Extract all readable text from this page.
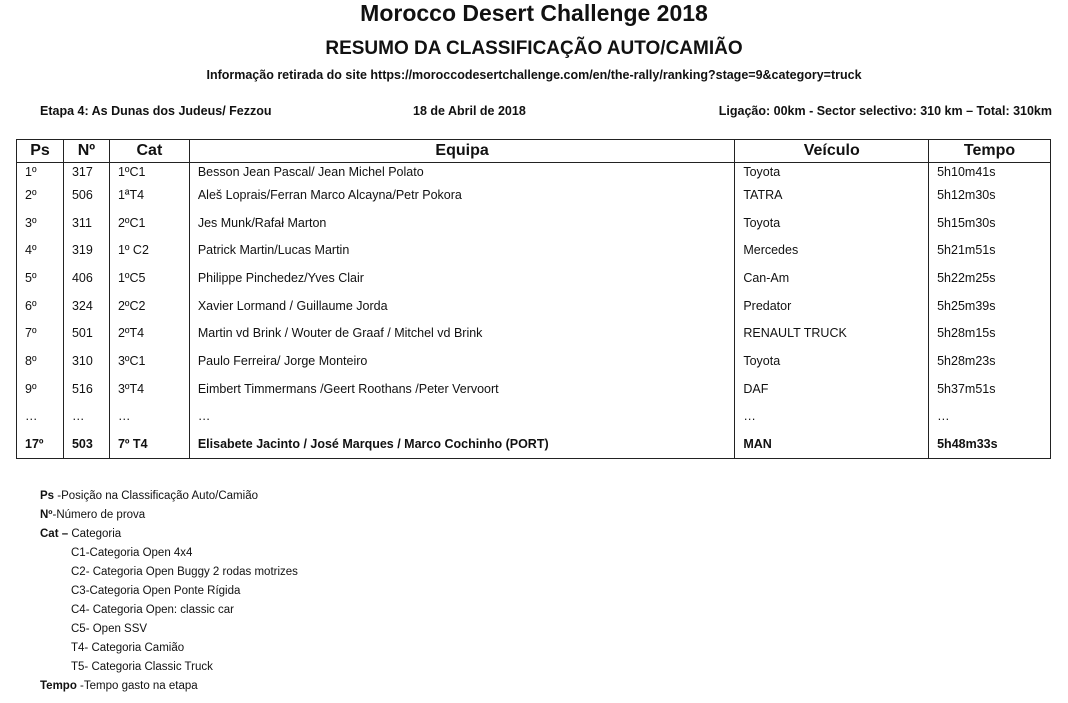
Morocco Desert Challenge 2018
RESUMO DA CLASSIFICAÇÃO AUTO/CAMIÃO
Informação retirada do site https://moroccodesertchallenge.com/en/the-rally/ranking?stage=9&category=truck
Etapa 4: As Dunas dos Judeus/ Fezzou	18 de Abril de 2018	Ligação: 00km - Sector selectivo: 310 km – Total: 310km
Ps	Nº	Cat	Equipa	Veículo	Tempo
1º	317	1ºC1	Besson Jean Pascal/ Jean Michel Polato	Toyota	5h10m41s
2º	506	1ªT4	Aleš Loprais/Ferran Marco Alcayna/Petr Pokora	TATRA	5h12m30s
3º	311	2ºC1	Jes Munk/Rafał Marton	Toyota	5h15m30s
4º	319	1º C2	Patrick Martin/Lucas Martin	Mercedes	5h21m51s
5º	406	1ºC5	Philippe Pinchedez/Yves Clair	Can-Am	5h22m25s
6º	324	2ºC2	Xavier Lormand / Guillaume Jorda	Predator	5h25m39s
7º	501	2ºT4	Martin vd Brink / Wouter de Graaf / Mitchel vd Brink	RENAULT TRUCK	5h28m15s
8º	310	3ºC1	Paulo Ferreira/ Jorge Monteiro	Toyota	5h28m23s
9º	516	3ºT4	Eimbert Timmermans /Geert Roothans /Peter Vervoort	DAF	5h37m51s
…	…	…	…	…	…
17º	503	7º T4	Elisabete Jacinto / José Marques / Marco Cochinho (PORT)	MAN	5h48m33s
Ps -Posição na Classificação Auto/Camião
Nº-Número de prova
Cat – Categoria
C1-Categoria Open 4x4
C2- Categoria Open Buggy 2 rodas motrizes
C3-Categoria Open Ponte Rígida
C4- Categoria Open: classic car
C5- Open SSV
T4- Categoria Camião
T5- Categoria Classic Truck
Tempo -Tempo gasto na etapa
